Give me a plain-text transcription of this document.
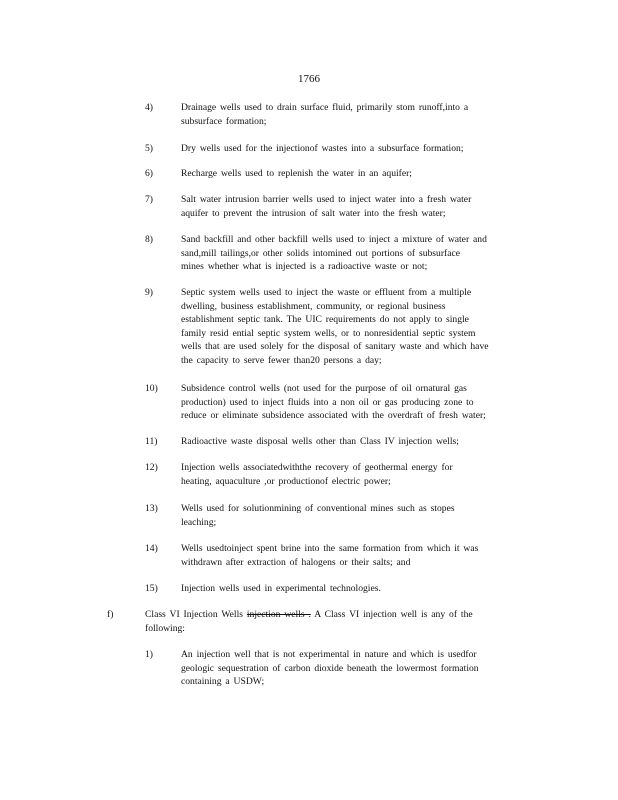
1766
4)	Drainage wells used to drain surface fluid, primarily stom runoff,into a
subsurface formation;
5)	Dry wells used for the injectionof wastes into a subsurface formation;
6)	Recharge wells used to replenish the water in an aquifer;
7)	Salt water intrusion barrier wells used to inject water into a fresh water
aquifer to prevent the intrusion of salt water into the fresh water;
8)	Sand backfill and other backfill wells used to inject a mixture of water and
sand,mill tailings,or other solids intomined out portions of subsurface
mines whether what is injected is a radioactive waste or not;
9)	Septic system wells used to inject the waste or effluent from a multiple
dwelling, business establishment, community, or regional business
establishment septic tank. The UIC requirements do not apply to single
family resid ential septic system wells, or to nonresidential septic system
wells that are used solely for the disposal of sanitary waste and which have
the capacity to serve fewer than20 persons a day;
10) Subsidence control wells (not used for the purpose of oil ornatural gas
production) used to inject fluids into a non oil or gas producing zone to
reduce or eliminate subsidence associated with the overdraft of fresh water;
11) Radioactive waste disposal wells other than Class IV injection wells;
12) Injection wells associatedwiththe recovery of geothermal energy for
heating, aquaculture ,or productionof electric power;
13) Wells used for solutionmining of conventional mines such as stopes
leaching;
14) Wells usedtoinject spent brine into the same formation from which it was
withdrawn after extraction of halogens or their salts; and
15) Injection wells used in experimental technologies.
f)	Class VI Injection Wells injection wells . A Class VI injection well is any of the
following:
1)	An injection well that is not experimental in nature and which is usedfor
geologic sequestration of carbon dioxide beneath the lowermost formation
containing a USDW;
